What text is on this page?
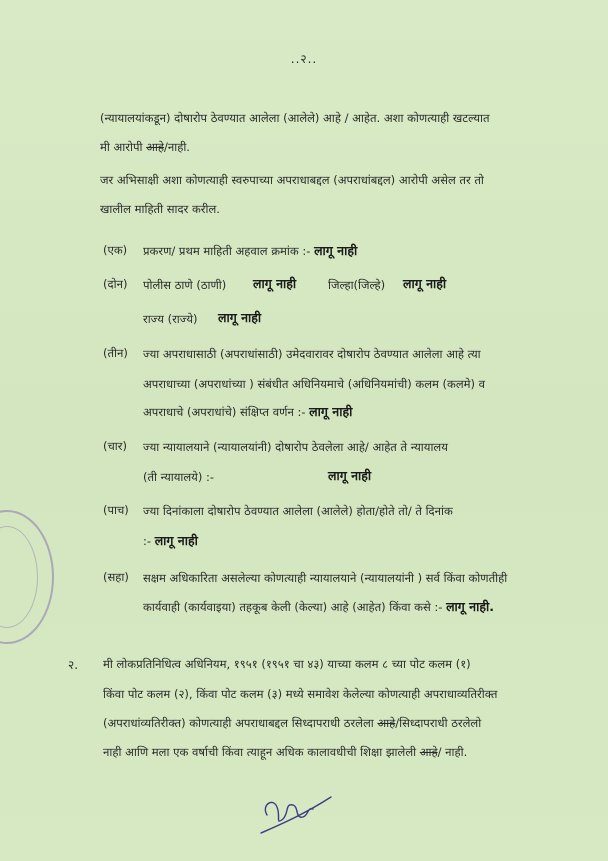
..२..
(न्यायालयांकडून) दोषारोप ठेवण्यात आलेला (आलेले) आहे / आहेत. अशा कोणत्याही खटल्यात
मी आरोपी आहे/नाही.
जर अभिसाक्षी अशा कोणत्याही स्वरुपाच्या अपराधाबद्दल (अपराधांबद्दल) आरोपी असेल तर तो
खालील माहिती सादर करील.
(एक) प्रकरण/ प्रथम माहिती अहवाल क्रमांक :- लागू नाही
(दोन) पोलीस ठाणे (ठाणी) लागू नाही	जिल्हा(जिल्हे) लागू नाही
राज्य (राज्ये) लागू नाही
(तीन) ज्या अपराधासाठी (अपराधांसाठी) उमेदवारावर दोषारोप ठेवण्यात आलेला आहे त्या
अपराधाच्या (अपराधांच्या ) संबंधीत अधिनियमाचे (अधिनियमांची) कलम (कलमे) व
अपराधाचे (अपराधांचे) संक्षिप्त वर्णन :- लागू नाही
(चार) ज्या न्यायालयाने (न्यायालयांनी) दोषारोप ठेवलेला आहे/ आहेत ते न्यायालय
(ती न्यायालये) :-	लागू नाही
(पाच) ज्या दिनांकाला दोषारोप ठेवण्यात आलेला (आलेले) होता/होते तो/ ते दिनांक
:- लागू नाही
(सहा) सक्षम अधिकारिता असलेल्या कोणत्याही न्यायालयाने (न्यायालयांनी ) सर्व किंवा कोणतीही
कार्यवाही (कार्यवाइया) तहकूब केली (केल्या) आहे (आहेत) किंवा कसे :- लागू नाही.
२. मी लोकप्रतिनिधित्व अधिनियम, १९५१ (१९५१ चा ४३) याच्या कलम ८ च्या पोट कलम (१)
किंवा पोट कलम (२), किंवा पोट कलम (३) मध्ये समावेश केलेल्या कोणत्याही अपराधाव्यतिरीक्त
(अपराधांव्यतिरीक्त) कोणत्याही अपराधाबद्दल सिध्दापराधी ठरलेला आहे/सिध्दापराधी ठरलेलो
नाही आणि मला एक वर्षाची किंवा त्याहून अधिक कालावधीची शिक्षा झालेली आहे/ नाही.
